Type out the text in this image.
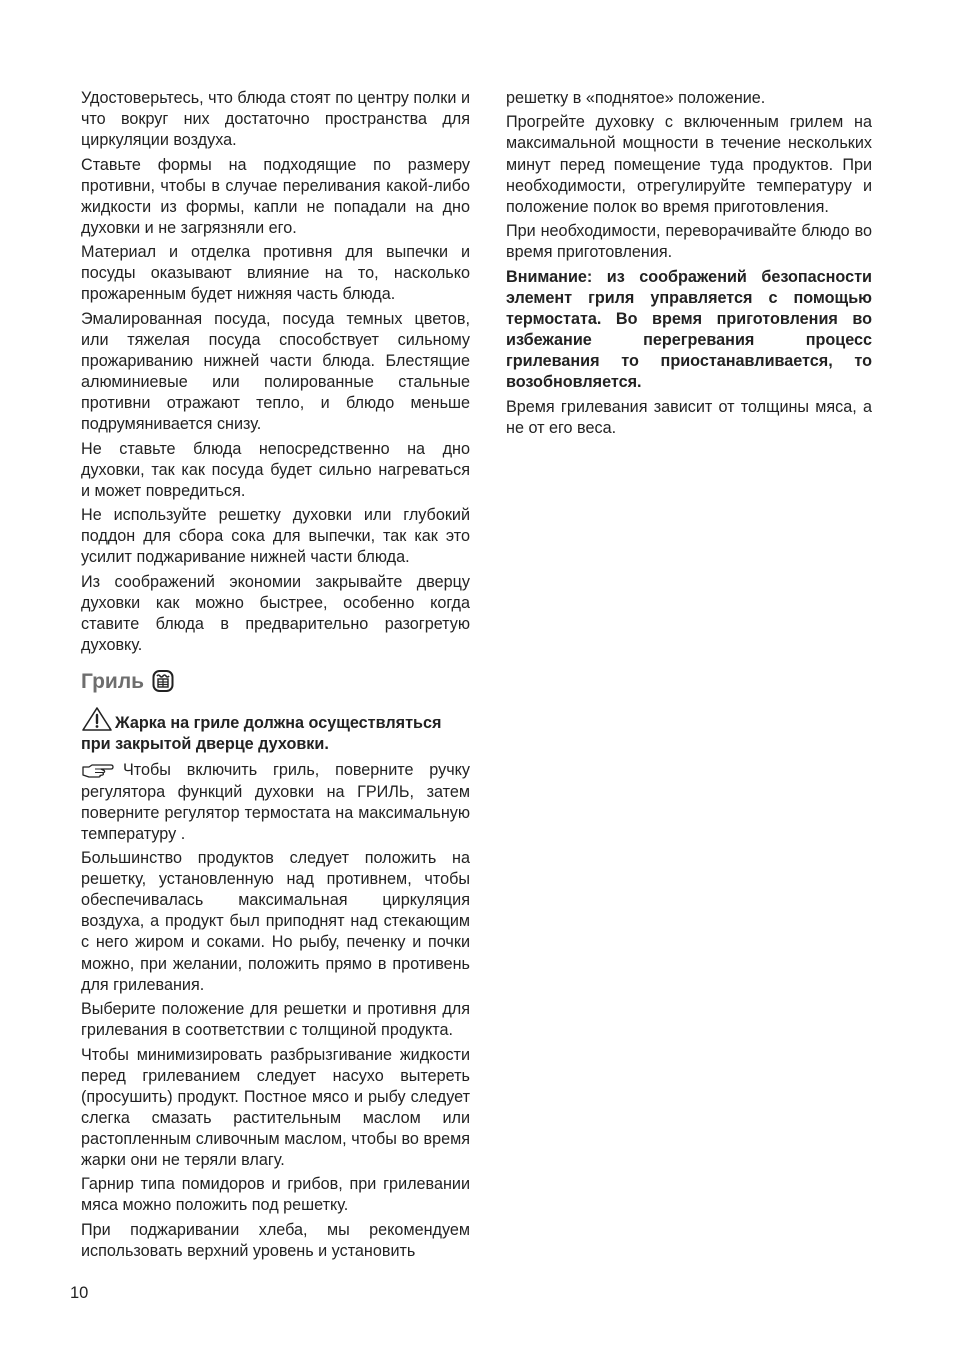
Удостоверьтесь, что блюда стоят по центру полки и что вокруг них достаточно пространства для циркуляции воздуха.

Ставьте формы на подходящие по размеру противни, чтобы в случае переливания какой-либо жидкости из формы, капли не попадали на дно духовки и не загрязняли его.

Материал и отделка противня для выпечки и посуды оказывают влияние на то, насколько прожаренным будет нижняя часть блюда.

Эмалированная посуда, посуда темных цветов, или тяжелая посуда способствует сильному прожариванию нижней части блюда. Блестящие алюминиевые или полированные стальные противни отражают тепло, и блюдо меньше подрумянивается снизу.

Не ставьте блюда непосредственно на дно духовки, так как посуда будет сильно нагреваться и может повредиться.

Не используйте решетку духовки или глубокий поддон для сбора сока для выпечки, так как это усилит поджаривание нижней части блюда.

Из соображений экономии закрывайте дверцу духовки как можно быстрее, особенно когда ставите блюда в предварительно разогретую духовку.

Гриль

Жарка на гриле должна осуществляться при закрытой дверце духовки.

Чтобы включить гриль, поверните ручку регулятора функций духовки на ГРИЛЬ, затем поверните регулятор термостата на максимальную температуру .

Большинство продуктов следует положить на решетку, установленную над противнем, чтобы обеспечивалась максимальная циркуляция воздуха, а продукт был приподнят над стекающим с него жиром и соками. Но рыбу, печенку и почки можно, при желании, положить прямо в противень для грилевания.

Выберите положение для решетки и противня для грилевания в соответствии с толщиной продукта.

Чтобы минимизировать разбрызгивание жидкости перед грилеванием следует насухо вытереть (просушить) продукт. Постное мясо и рыбу следует слегка смазать растительным маслом или растопленным сливочным маслом, чтобы во время жарки они не теряли влагу.

Гарнир типа помидоров и грибов, при грилевании мяса можно положить под решетку.

При поджаривании хлеба, мы рекомендуем использовать верхний уровень и установить

решетку в «поднятое» положение.

Прогрейте духовку с включенным грилем на максимальной мощности в течение нескольких минут перед помещение туда продуктов. При необходимости, отрегулируйте температуру и положение полок во время приготовления.

При необходимости, переворачивайте блюдо во время приготовления.

Внимание: из соображений безопасности элемент гриля управляется с помощью термостата. Во время приготовления во избежание перегревания процесс грилевания то приостанавливается, то возобновляется.

Время грилевания зависит от толщины мяса, а не от его веса.

10
